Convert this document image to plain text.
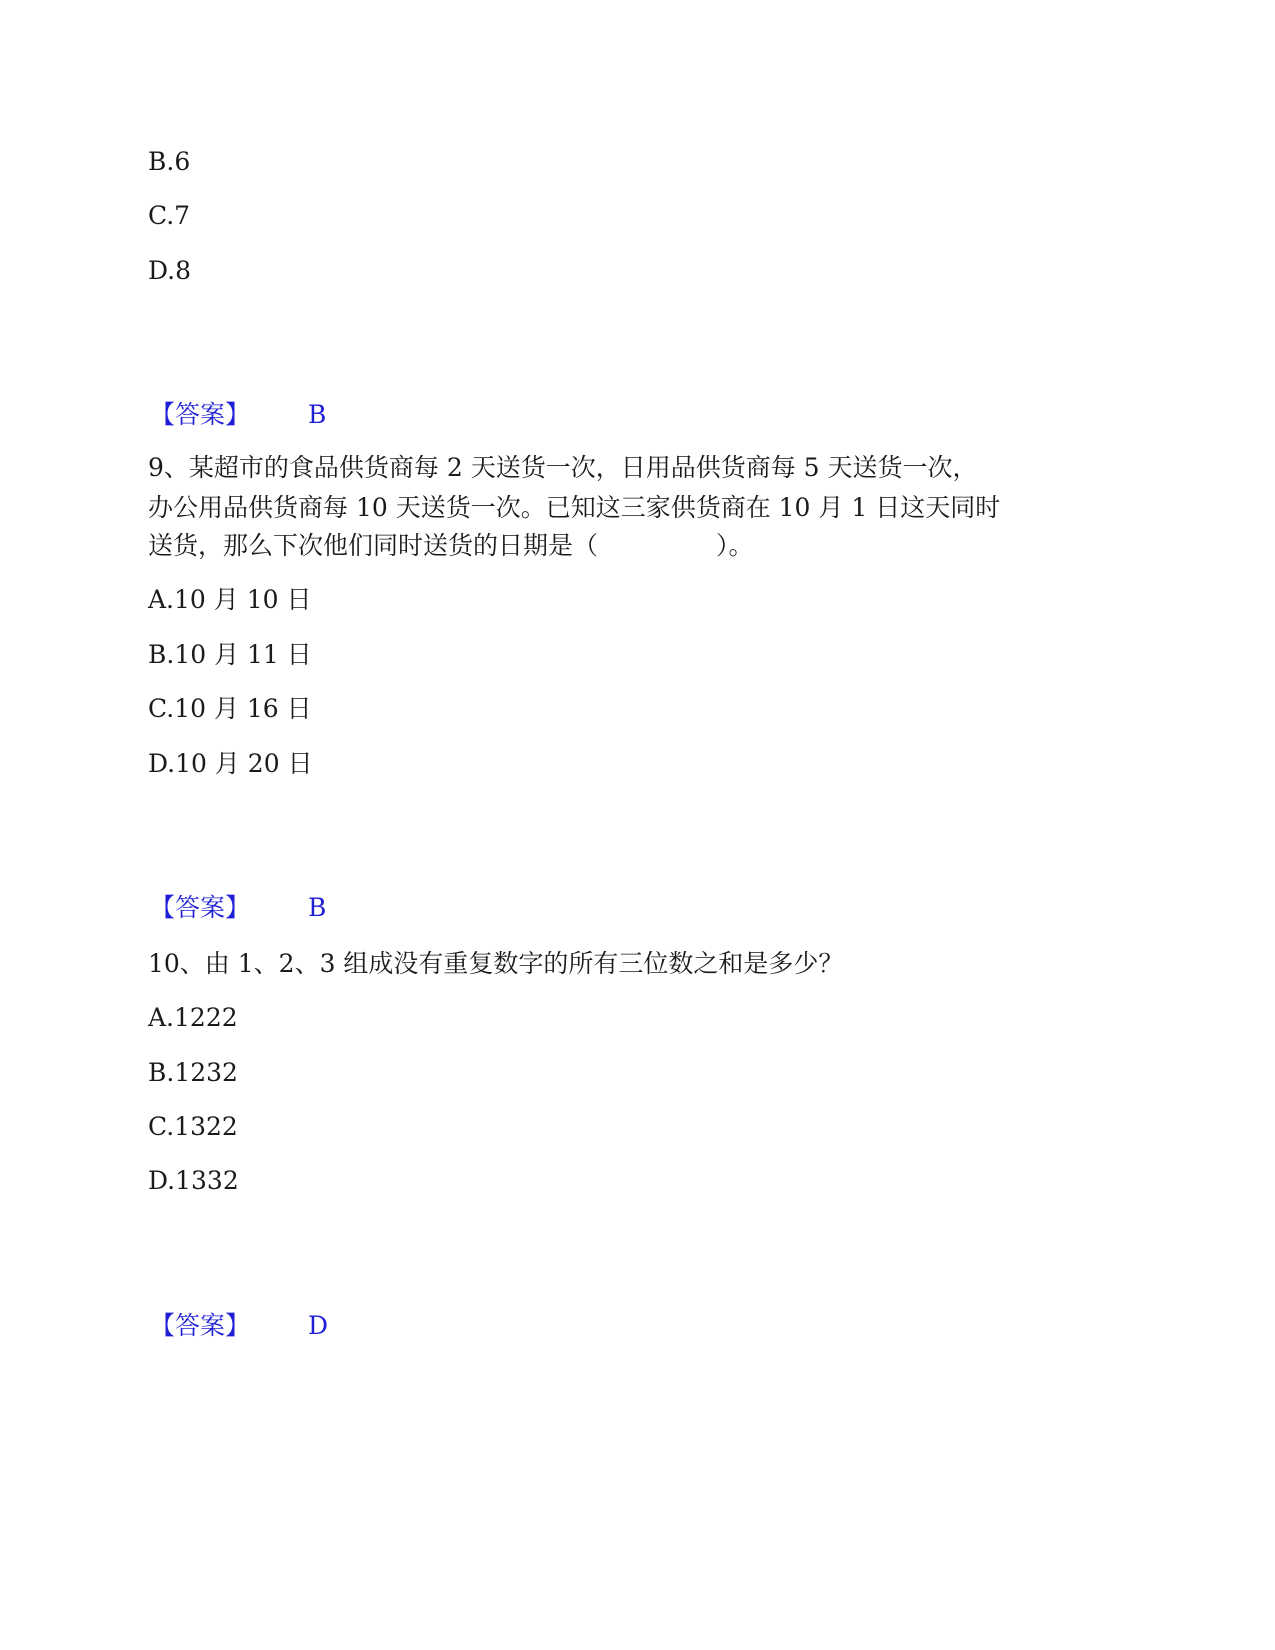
B.6
C.7
D.8
【答案】 B
9、某超市的食品供货商每 2 天送货一次，日用品供货商每 5 天送货一次，
办公用品供货商每 10 天送货一次。已知这三家供货商在 10 月 1 日这天同时
送货，那么下次他们同时送货的日期是（	）。
A.10 月 10 日
B.10 月 11 日
C.10 月 16 日
D.10 月 20 日
【答案】 B
10、由 1、2、3 组成没有重复数字的所有三位数之和是多少？
A.1222
B.1232
C.1322
D.1332
【答案】 D
